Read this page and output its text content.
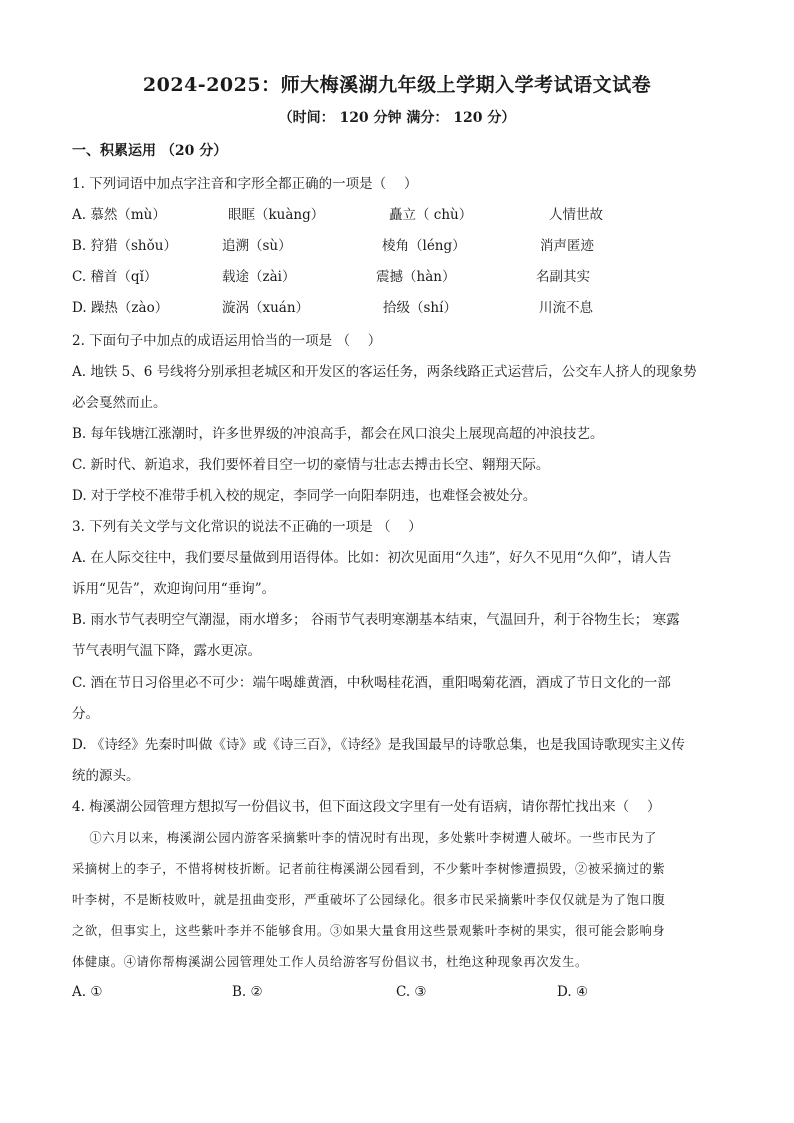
2024-2025：师大梅溪湖九年级上学期入学考试语文试卷
（时间： 120 分钟 满分： 120 分）
一、积累运用 （20 分）
1. 下列词语中加点字注音和字形全都正确的一项是（　 ）
A. 慕然（mù）	眼眶（kuàng）	矗立（ chù）	人情世故
B. 狩猎（shǒu）	追溯（sù）	棱角（léng）	消声匿迹
C. 稽首（qǐ）	载途（zài）	震撼（hàn）	名副其实
D. 躁热（zào）	漩涡（xuán）	拾级（shí）	川流不息
2. 下面句子中加点的成语运用恰当的一项是 （　 ）
A. 地铁 5、6 号线将分别承担老城区和开发区的客运任务，两条线路正式运营后，公交车人挤人的现象势
必会戛然而止。
B. 每年钱塘江涨潮时，许多世界级的冲浪高手，都会在风口浪尖上展现高超的冲浪技艺。
C. 新时代、新追求，我们要怀着目空一切的豪情与壮志去搏击长空、翱翔天际。
D. 对于学校不准带手机入校的规定，李同学一向阳奉阴违，也难怪会被处分。
3. 下列有关文学与文化常识的说法不正确的一项是 （　 ）
A. 在人际交往中，我们要尽量做到用语得体。比如：初次见面用“久违”，好久不见用“久仰”，请人告
诉用“见告”，欢迎询问用“垂询”。
B. 雨水节气表明空气潮湿，雨水增多； 谷雨节气表明寒潮基本结束，气温回升，利于谷物生长； 寒露
节气表明气温下降，露水更凉。
C. 酒在节日习俗里必不可少：端午喝雄黄酒，中秋喝桂花酒，重阳喝菊花酒，酒成了节日文化的一部
分。
D. 《诗经》先秦时叫做《诗》或《诗三百》，《诗经》是我国最早的诗歌总集，也是我国诗歌现实主义传
统的源头。
4. 梅溪湖公园管理方想拟写一份倡议书，但下面这段文字里有一处有语病，请你帮忙找出来（　 ）
　 ①六月以来，梅溪湖公园内游客采摘紫叶李的情况时有出现，多处紫叶李树遭人破坏。一些市民为了
采摘树上的李子，不惜将树枝折断。记者前往梅溪湖公园看到，不少紫叶李树惨遭损毁，②被采摘过的紫
叶李树，不是断枝败叶，就是扭曲变形，严重破坏了公园绿化。很多市民采摘紫叶李仅仅就是为了饱口腹
之欲，但事实上，这些紫叶李并不能够食用。③如果大量食用这些景观紫叶李树的果实，很可能会影响身
体健康。④请你帮梅溪湖公园管理处工作人员给游客写份倡议书，杜绝这种现象再次发生。
A. ①	B. ②	C. ③	D. ④
